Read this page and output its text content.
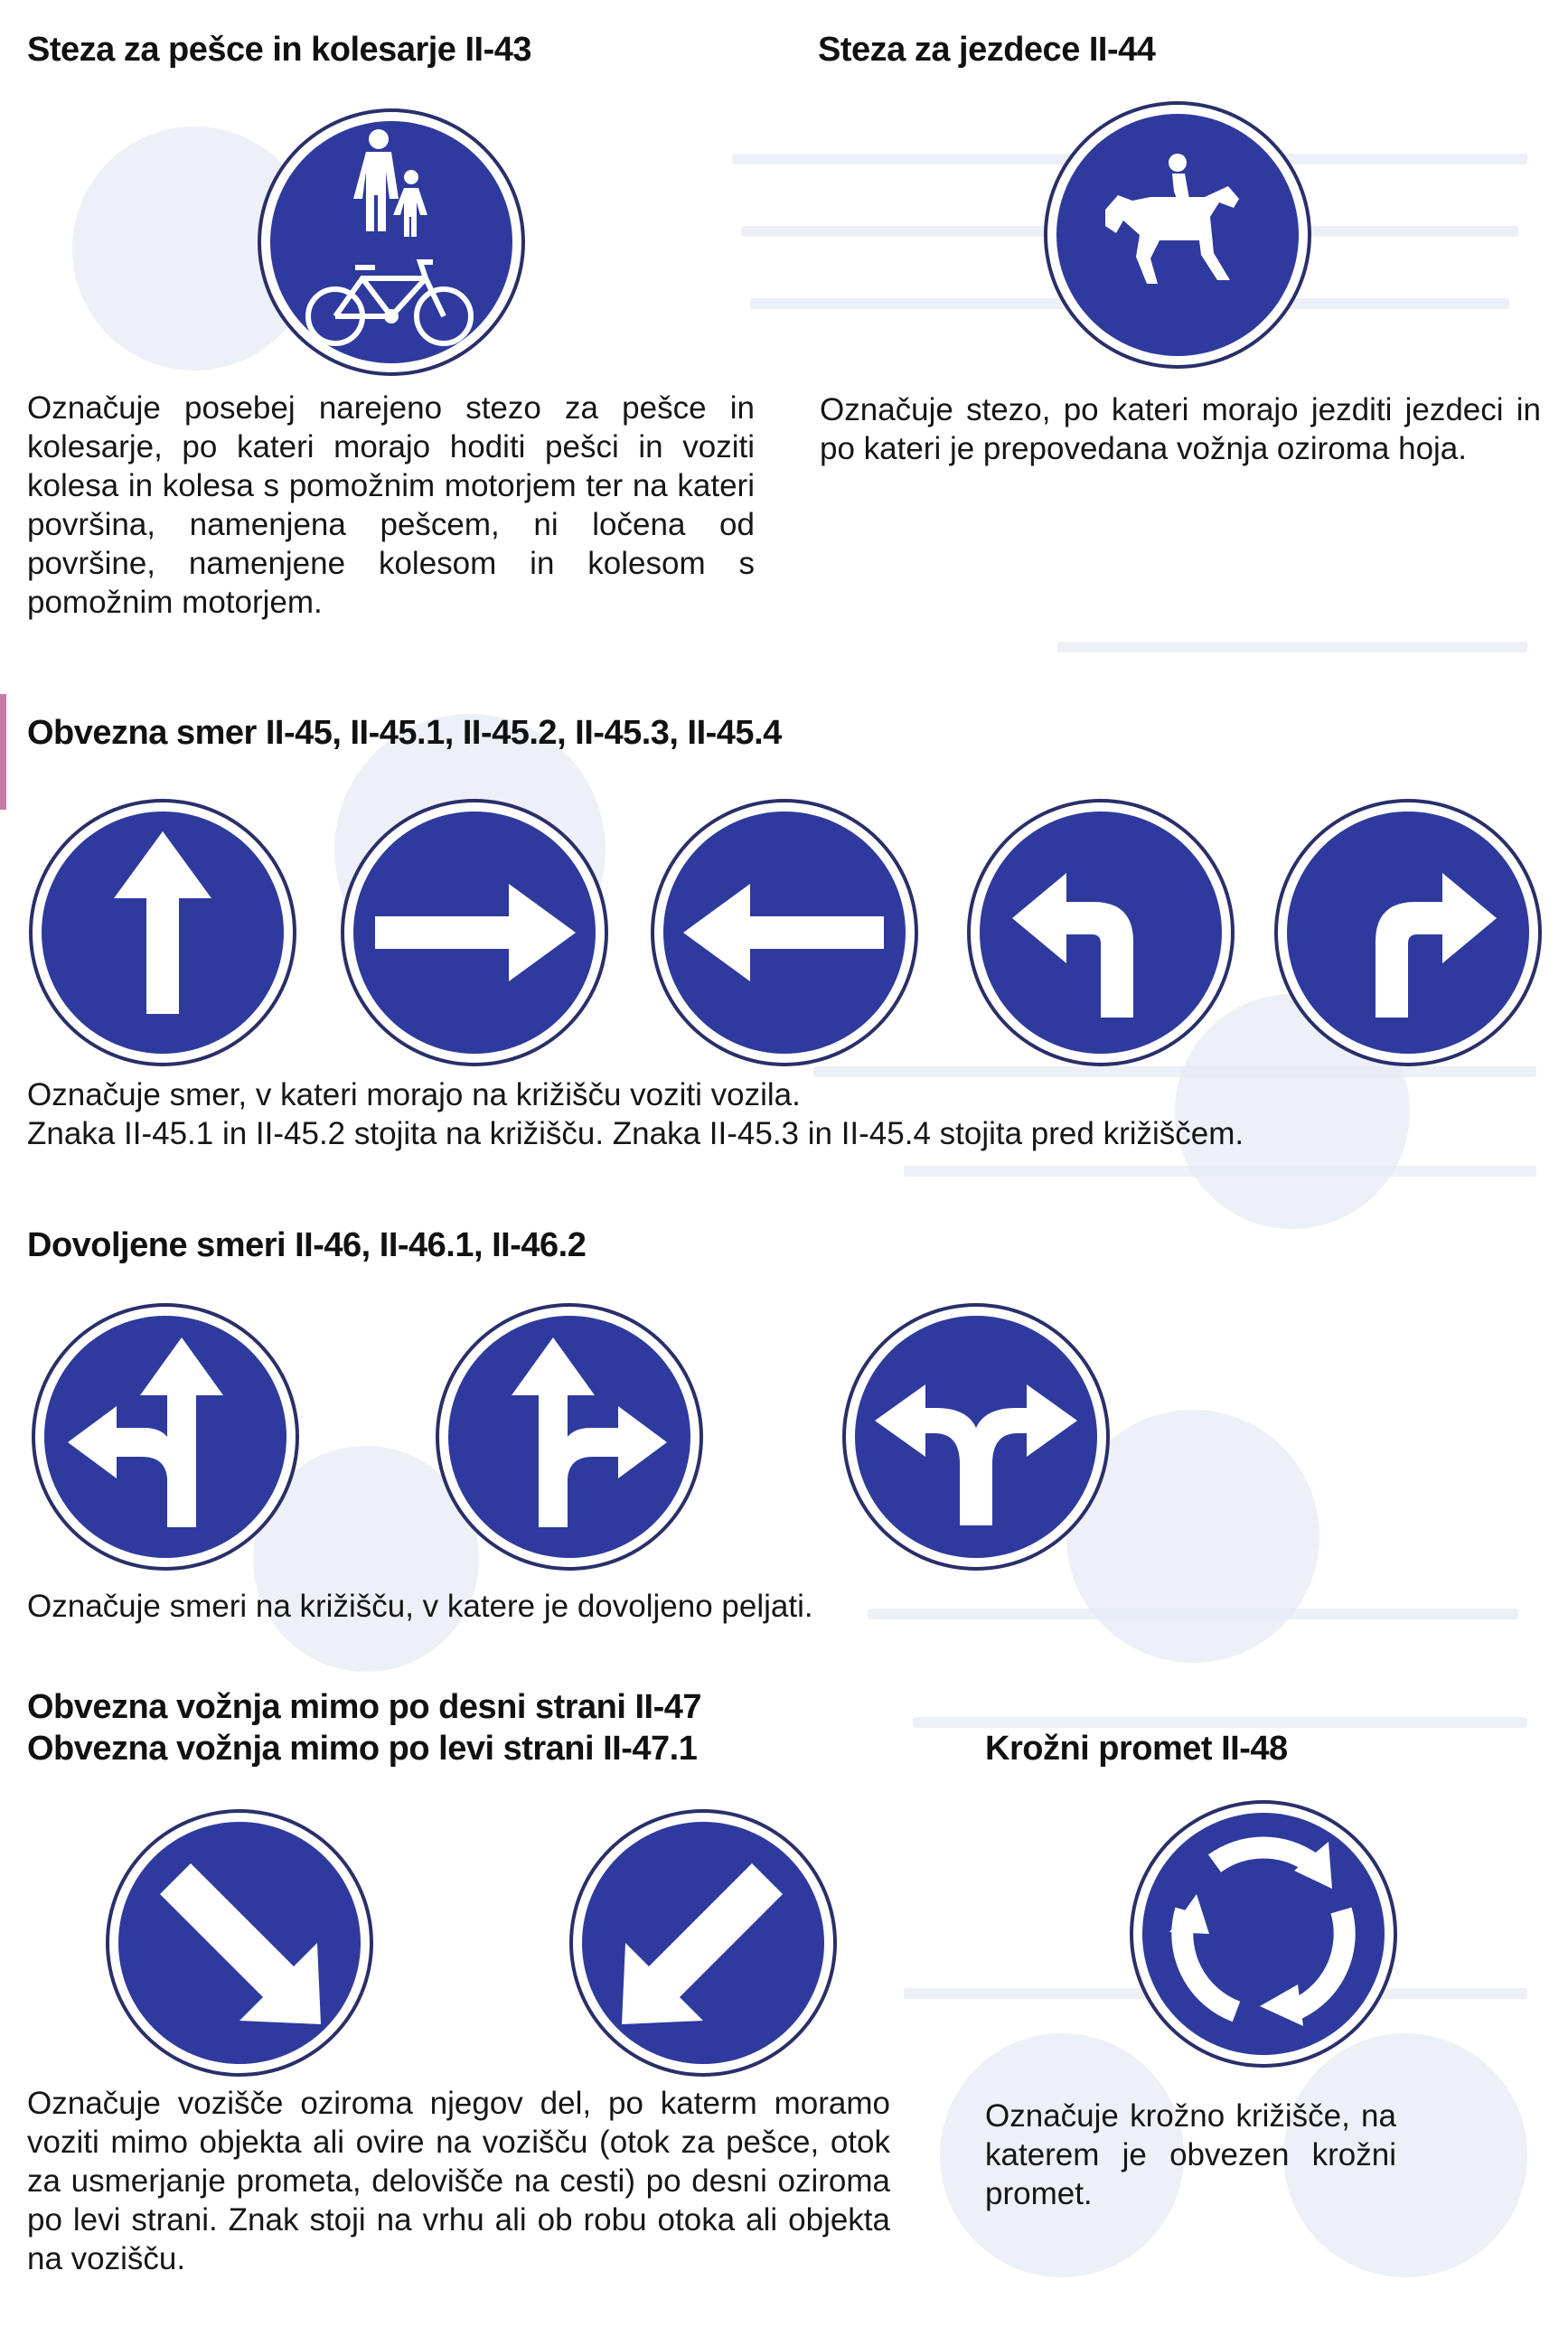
Steza za pešce in kolesarje II-43
Označuje posebej narejeno stezo za pešce in kolesarje, po kateri morajo hoditi pešci in voziti kolesa in kolesa s pomožnim motorjem ter na kateri površina, namenjena pešcem, ni ločena od površine, namenjene kolesom in kolesom s pomožnim motorjem.
Steza za jezdece II-44
Označuje stezo, po kateri morajo jezditi jezdeci in po kateri je prepovedana vožnja oziroma hoja.
Obvezna smer II-45, II-45.1, II-45.2, II-45.3, II-45.4
Označuje smer, v kateri morajo na križišču voziti vozila.
Znaka II-45.1 in II-45.2 stojita na križišču. Znaka II-45.3 in II-45.4 stojita pred križiščem.
Dovoljene smeri II-46, II-46.1, II-46.2
Označuje smeri na križišču, v katere je dovoljeno peljati.
Obvezna vožnja mimo po desni strani II-47
Obvezna vožnja mimo po levi strani II-47.1
Označuje vozišče oziroma njegov del, po katerm moramo voziti mimo objekta ali ovire na vozišču (otok za pešce, otok za usmerjanje prometa, delovišče na cesti) po desni oziroma po levi strani. Znak stoji na vrhu ali ob robu otoka ali objekta na vozišču.
Krožni promet II-48
Označuje krožno križišče, na katerem je obvezen krožni promet.
